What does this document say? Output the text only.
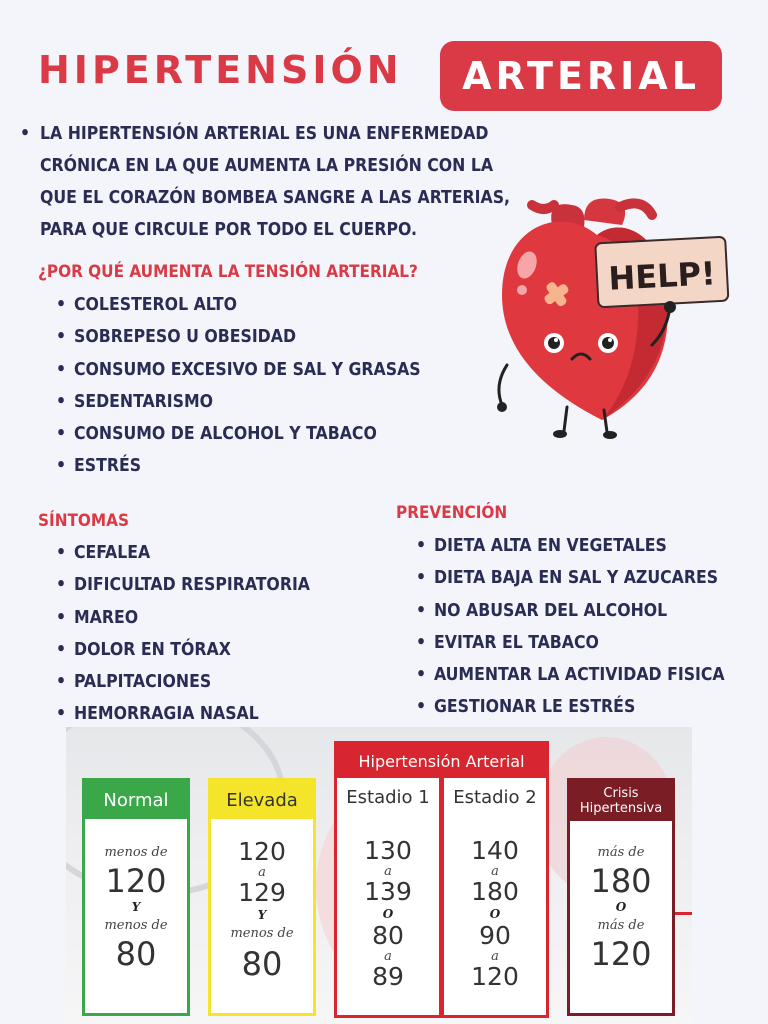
HIPERTENSIÓN	ARTERIAL
• LA HIPERTENSIÓN ARTERIAL ES UNA ENFERMEDAD
CRÓNICA EN LA QUE AUMENTA LA PRESIÓN CON LA
QUE EL CORAZÓN BOMBEA SANGRE A LAS ARTERIAS,
PARA QUE CIRCULE POR TODO EL CUERPO.
¿POR QUÉ AUMENTA LA TENSIÓN ARTERIAL?
• COLESTEROL ALTO
• SOBREPESO U OBESIDAD
• CONSUMO EXCESIVO DE SAL Y GRASAS
• SEDENTARISMO
• CONSUMO DE ALCOHOL Y TABACO
• ESTRÉS
HELP!
SÍNTOMAS
• CEFALEA
• DIFICULTAD RESPIRATORIA
• MAREO
• DOLOR EN TÓRAX
• PALPITACIONES
• HEMORRAGIA NASAL
PREVENCIÓN
• DIETA ALTA EN VEGETALES
• DIETA BAJA EN SAL Y AZUCARES
• NO ABUSAR DEL ALCOHOL
• EVITAR EL TABACO
• AUMENTAR LA ACTIVIDAD FISICA
• GESTIONAR LE ESTRÉS
Normal
menos de
120
Y
menos de
80
Elevada
120
a
129
Y
menos de
80
Hipertensión Arterial
Estadio 1
130
a
139
O
80
a
89
Estadio 2
140
a
180
O
90
a
120
Crisis
Hipertensiva
más de
180
O
más de
120
